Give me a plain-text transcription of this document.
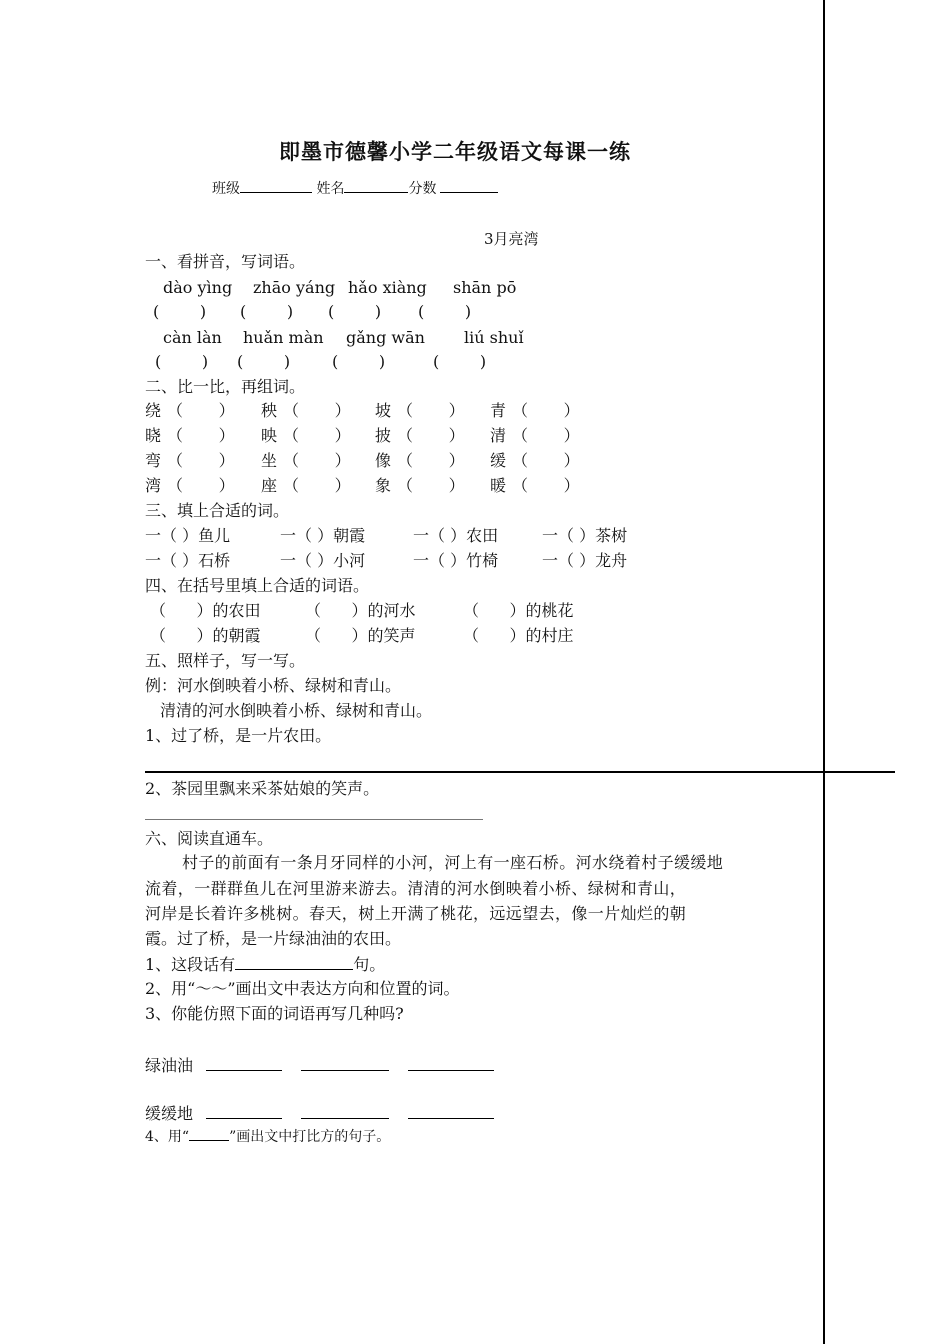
即墨市德馨小学二年级语文每课一练
班级	姓名	分数
3月亮湾
一、看拼音，写词语。
dào yìng zhāo yáng hǎo xiàng shān pō
(        ) (        ) (        ) (        )
càn làn huǎn màn gǎng wān liú shuǐ
(        ) (        )	(        )	(        )
二、比一比，再组词。
绕 （       ） 秧 （       ） 坡 （       ） 青 （       ）
晓 （       ） 映 （       ） 披 （       ） 清 （       ）
弯 （       ） 坐 （       ） 像 （       ） 缓 （       ）
湾 （       ） 座 （       ） 象 （       ） 暖 （       ）
三、填上合适的词。
一（ ）鱼儿	一（ ）朝霞	一（ ）农田	一（ ）茶树
一（ ）石桥	一（ ）小河	一（ ）竹椅	一（ ）龙舟
四、在括号里填上合适的词语。
（      ）的农田	（      ）的河水	（      ）的桃花
（      ）的朝霞	（      ）的笑声	（      ）的村庄
五、照样子，写一写。
例：河水倒映着小桥、绿树和青山。
清清的河水倒映着小桥、绿树和青山。
1、过了桥，是一片农田。
2、茶园里飘来采茶姑娘的笑声。
六、阅读直通车。
村子的前面有一条月牙同样的小河，河上有一座石桥。河水绕着村子缓缓地
流着，一群群鱼儿在河里游来游去。清清的河水倒映着小桥、绿树和青山，
河岸是长着许多桃树。春天，树上开满了桃花，远远望去，像一片灿烂的朝
霞。过了桥，是一片绿油油的农田。
1、这段话有	句。
2、用“～～”画出文中表达方向和位置的词。
3、你能仿照下面的词语再写几种吗?
绿油油
缓缓地
4、用“	”画出文中打比方的句子。
